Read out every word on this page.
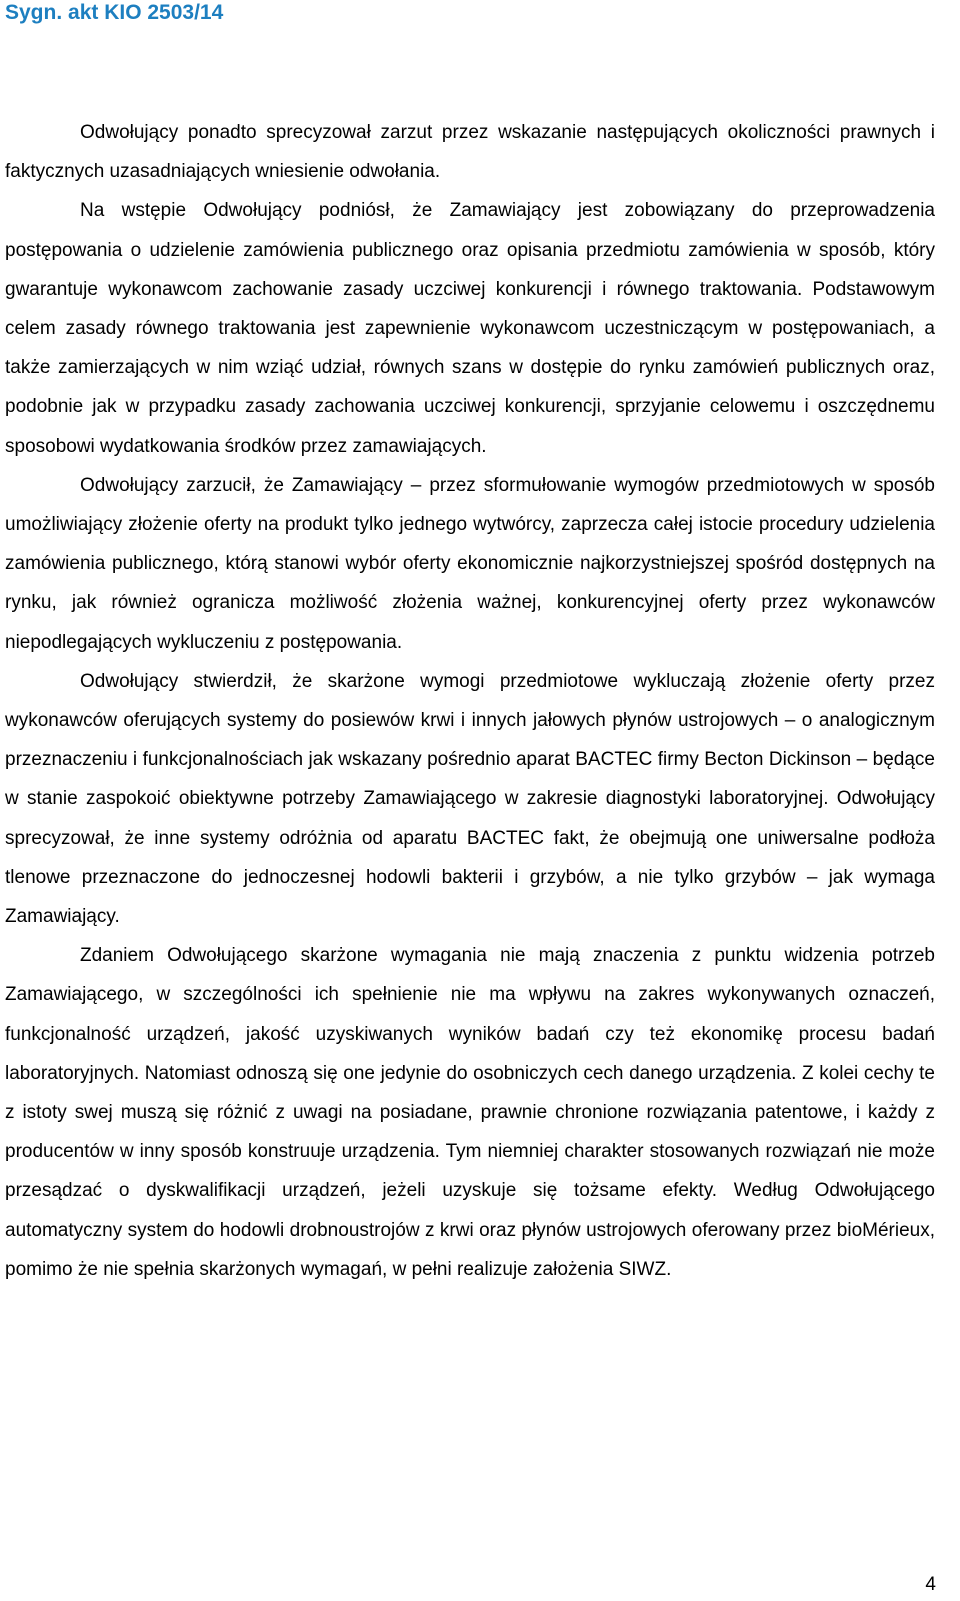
Sygn. akt KIO 2503/14

Odwołujący ponadto sprecyzował zarzut przez wskazanie następujących okoliczności prawnych i faktycznych uzasadniających wniesienie odwołania.

Na wstępie Odwołujący podniósł, że Zamawiający jest zobowiązany do przeprowadzenia postępowania o udzielenie zamówienia publicznego oraz opisania przedmiotu zamówienia w sposób, który gwarantuje wykonawcom zachowanie zasady uczciwej konkurencji i równego traktowania. Podstawowym celem zasady równego traktowania jest zapewnienie wykonawcom uczestniczącym w postępowaniach, a także zamierzających w nim wziąć udział, równych szans w dostępie do rynku zamówień publicznych oraz, podobnie jak w przypadku zasady zachowania uczciwej konkurencji, sprzyjanie celowemu i oszczędnemu sposobowi wydatkowania środków przez zamawiających.

Odwołujący zarzucił, że Zamawiający – przez sformułowanie wymogów przedmiotowych w sposób umożliwiający złożenie oferty na produkt tylko jednego wytwórcy, zaprzecza całej istocie procedury udzielenia zamówienia publicznego, którą stanowi wybór oferty ekonomicznie najkorzystniejszej spośród dostępnych na rynku, jak również ogranicza możliwość złożenia ważnej, konkurencyjnej oferty przez wykonawców niepodlegających wykluczeniu z postępowania.

Odwołujący stwierdził, że skarżone wymogi przedmiotowe wykluczają złożenie oferty przez wykonawców oferujących systemy do posiewów krwi i innych jałowych płynów ustrojowych – o analogicznym przeznaczeniu i funkcjonalnościach jak wskazany pośrednio aparat BACTEC firmy Becton Dickinson – będące w stanie zaspokoić obiektywne potrzeby Zamawiającego w zakresie diagnostyki laboratoryjnej. Odwołujący sprecyzował, że inne systemy odróżnia od aparatu BACTEC fakt, że obejmują one uniwersalne podłoża tlenowe przeznaczone do jednoczesnej hodowli bakterii i grzybów, a nie tylko grzybów – jak wymaga Zamawiający.

Zdaniem Odwołującego skarżone wymagania nie mają znaczenia z punktu widzenia potrzeb Zamawiającego, w szczególności ich spełnienie nie ma wpływu na zakres wykonywanych oznaczeń, funkcjonalność urządzeń, jakość uzyskiwanych wyników badań czy też ekonomikę procesu badań laboratoryjnych. Natomiast odnoszą się one jedynie do osobniczych cech danego urządzenia. Z kolei cechy te z istoty swej muszą się różnić z uwagi na posiadane, prawnie chronione rozwiązania patentowe, i każdy z producentów w inny sposób konstruuje urządzenia. Tym niemniej charakter stosowanych rozwiązań nie może przesądzać o dyskwalifikacji urządzeń, jeżeli uzyskuje się tożsame efekty. Według Odwołującego automatyczny system do hodowli drobnoustrojów z krwi oraz płynów ustrojowych oferowany przez bioMérieux, pomimo że nie spełnia skarżonych wymagań, w pełni realizuje założenia SIWZ.

4
